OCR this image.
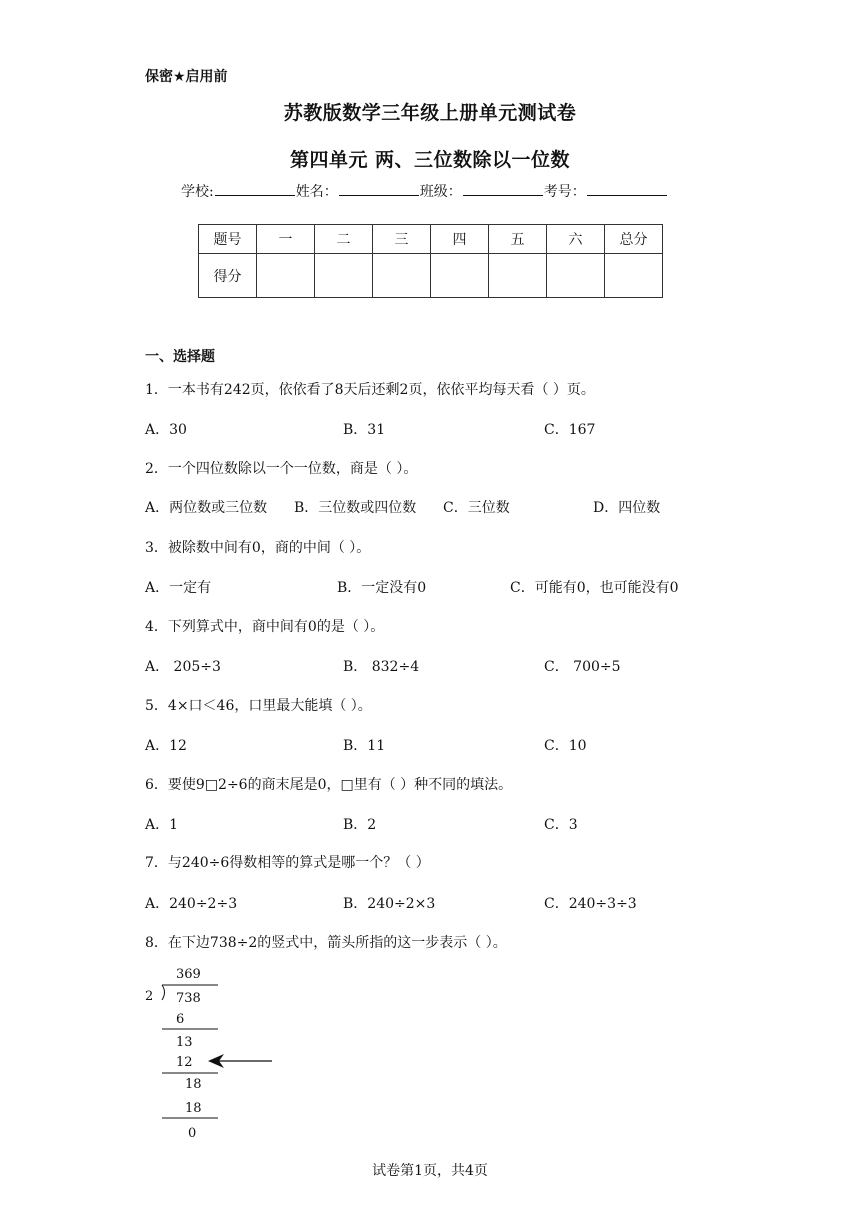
保密★启用前
苏教版数学三年级上册单元测试卷
第四单元 两、三位数除以一位数
学校:	姓名：	班级：	考号：
题号	一	二	三	四	五	六	总分
得分							
一、选择题
1．一本书有242页，依依看了8天后还剩2页，依依平均每天看（ ）页。
A．30	B．31	C．167
2．一个四位数除以一个一位数，商是（ ）。
A．两位数或三位数 B．三位数或四位数 C．三位数	D．四位数
3．被除数中间有0，商的中间（ ）。
A．一定有	B．一定没有0	C．可能有0，也可能没有0
4．下列算式中，商中间有0的是（ ）。
A． 205÷3	B． 832÷4	C． 700÷5
5．4×口＜46，口里最大能填（ ）。
A．12	B．11	C．10
6．要使9□2÷6的商末尾是0，□里有（ ）种不同的填法。
A．1	B．2	C．3
7．与240÷6得数相等的算式是哪一个？（ ）
A．240÷2÷3	B．240÷2×3	C．240÷3÷3
8．在下边738÷2的竖式中，箭头所指的这一步表示（ ）。
369
2 738
6
13
12
18
18
0
试卷第1页，共4页
